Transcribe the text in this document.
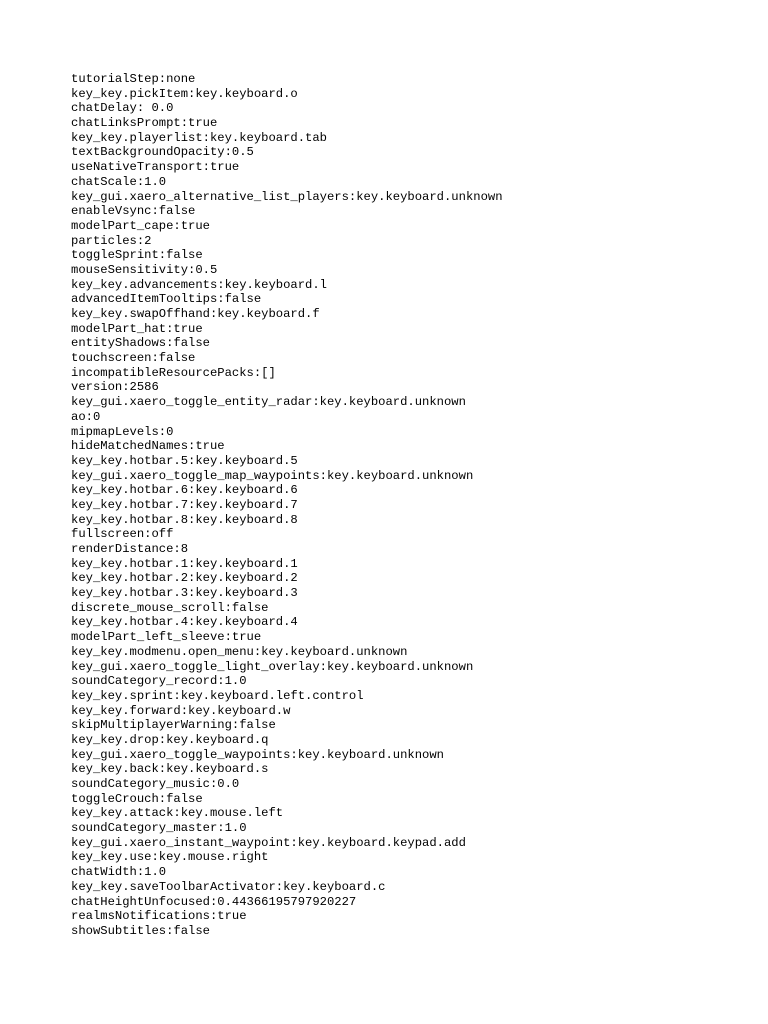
tutorialStep:none
key_key.pickItem:key.keyboard.o
chatDelay: 0.0
chatLinksPrompt:true
key_key.playerlist:key.keyboard.tab
textBackgroundOpacity:0.5
useNativeTransport:true
chatScale:1.0
key_gui.xaero_alternative_list_players:key.keyboard.unknown
enableVsync:false
modelPart_cape:true
particles:2
toggleSprint:false
mouseSensitivity:0.5
key_key.advancements:key.keyboard.l
advancedItemTooltips:false
key_key.swapOffhand:key.keyboard.f
modelPart_hat:true
entityShadows:false
touchscreen:false
incompatibleResourcePacks:[]
version:2586
key_gui.xaero_toggle_entity_radar:key.keyboard.unknown
ao:0
mipmapLevels:0
hideMatchedNames:true
key_key.hotbar.5:key.keyboard.5
key_gui.xaero_toggle_map_waypoints:key.keyboard.unknown
key_key.hotbar.6:key.keyboard.6
key_key.hotbar.7:key.keyboard.7
key_key.hotbar.8:key.keyboard.8
fullscreen:off
renderDistance:8
key_key.hotbar.1:key.keyboard.1
key_key.hotbar.2:key.keyboard.2
key_key.hotbar.3:key.keyboard.3
discrete_mouse_scroll:false
key_key.hotbar.4:key.keyboard.4
modelPart_left_sleeve:true
key_key.modmenu.open_menu:key.keyboard.unknown
key_gui.xaero_toggle_light_overlay:key.keyboard.unknown
soundCategory_record:1.0
key_key.sprint:key.keyboard.left.control
key_key.forward:key.keyboard.w
skipMultiplayerWarning:false
key_key.drop:key.keyboard.q
key_gui.xaero_toggle_waypoints:key.keyboard.unknown
key_key.back:key.keyboard.s
soundCategory_music:0.0
toggleCrouch:false
key_key.attack:key.mouse.left
soundCategory_master:1.0
key_gui.xaero_instant_waypoint:key.keyboard.keypad.add
key_key.use:key.mouse.right
chatWidth:1.0
key_key.saveToolbarActivator:key.keyboard.c
chatHeightUnfocused:0.44366195797920227
realmsNotifications:true
showSubtitles:false
